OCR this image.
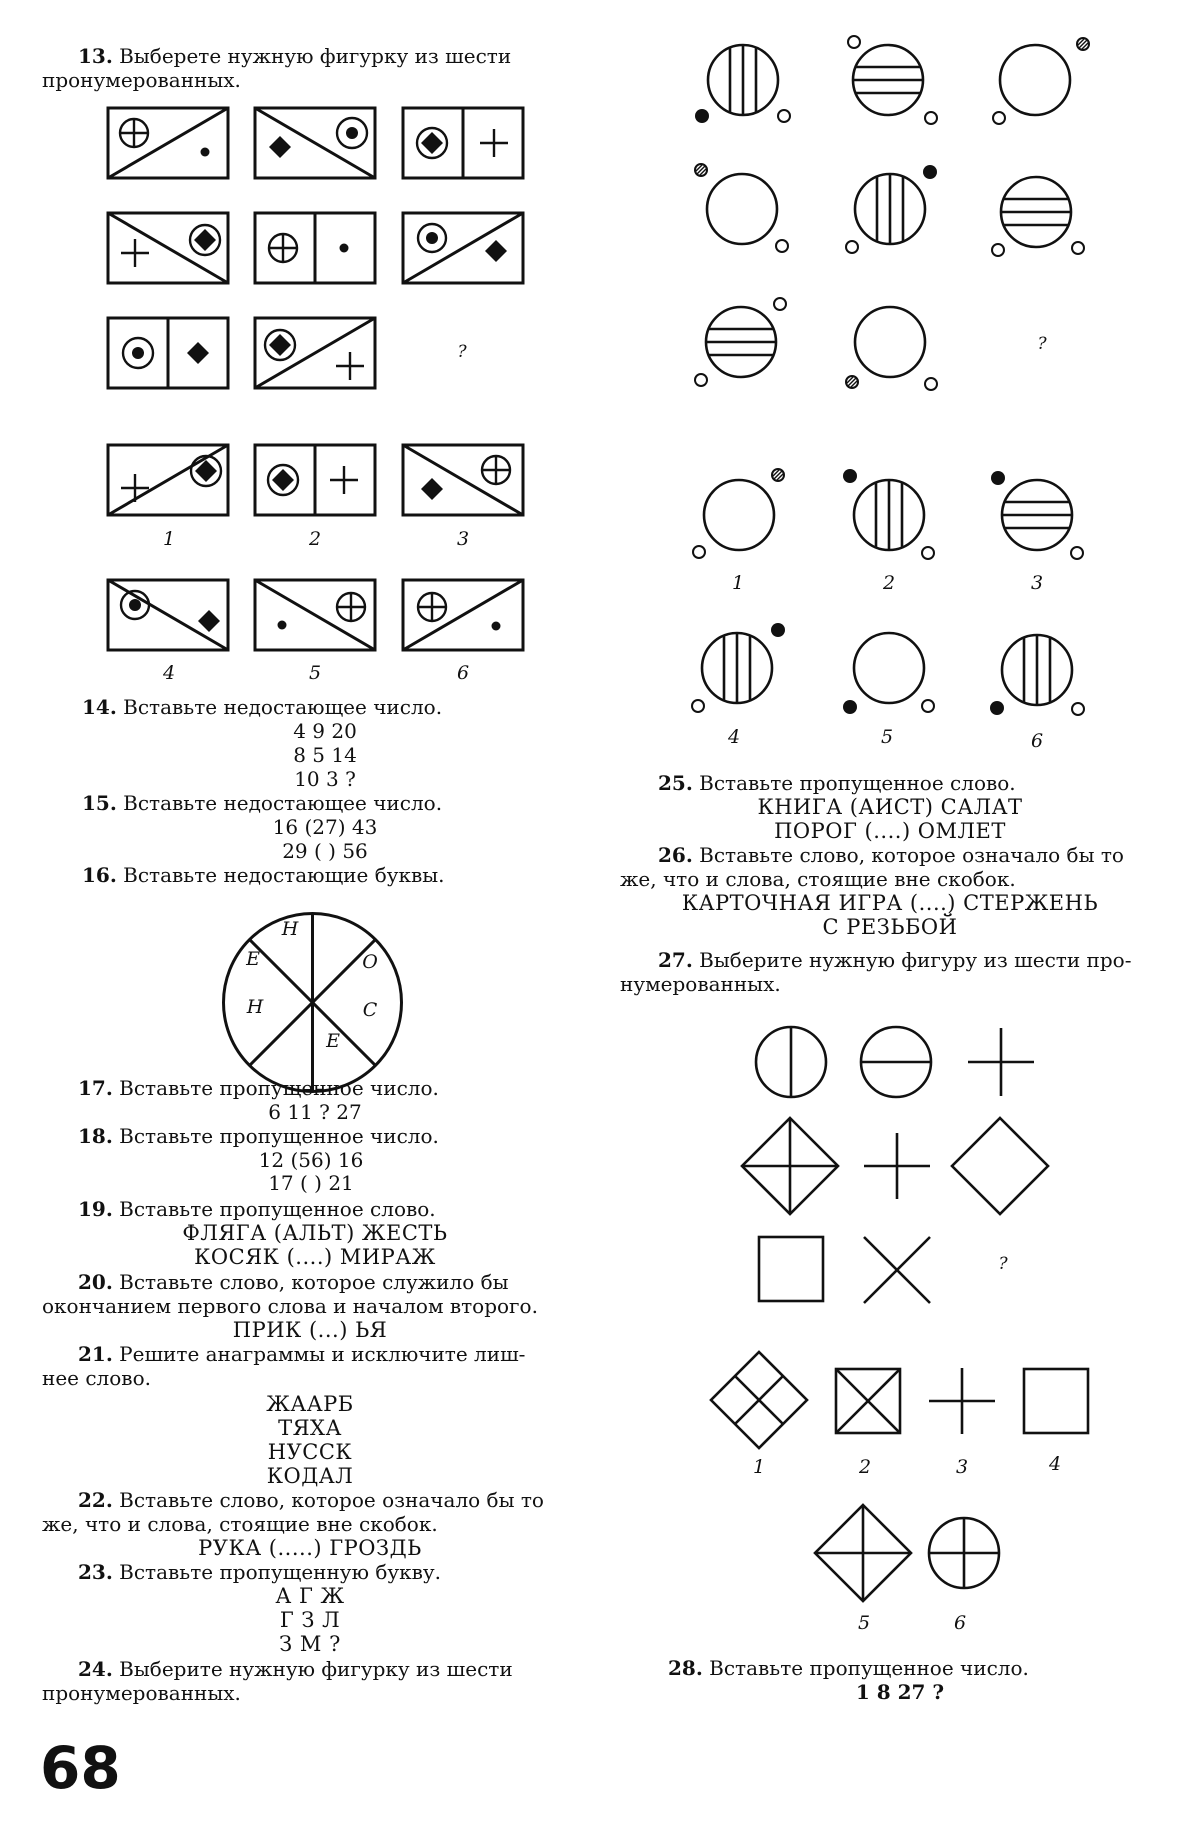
13. Выберете нужную фигурку из шести
пронумерованных.
?
1	2	3
4	5	6
14. Вставьте недостающее число.
4 9 20
8 5 14
10 3 ?
15. Вставьте недостающее число.
16 (27) 43
29 ( ) 56
16. Вставьте недостающие буквы.
Н
О
С
Е
Н
Е
17. Вставьте пропущенное число.
6 11 ? 27
18. Вставьте пропущенное число.
12 (56) 16
17 ( ) 21
19. Вставьте пропущенное слово.
ФЛЯГА (АЛЬТ) ЖЕСТЬ
КОСЯК (....) МИРАЖ
20. Вставьте слово, которое служило бы
окончанием первого слова и началом второго.
ПРИК (...) ЬЯ
21. Решите анаграммы и исключите лиш-
нее слово.
ЖААРБ
ТЯХА
НУССК
КОДАЛ
22. Вставьте слово, которое означало бы то
же, что и слова, стоящие вне скобок.
РУКА (.....) ГРОЗДЬ
23. Вставьте пропущенную букву.
А Г Ж
Г З Л
З М ?
24. Выберите нужную фигурку из шести
пронумерованных.
68
?
1	2	3
4	5	6
25. Вставьте пропущенное слово.
КНИГА (АИСТ) САЛАТ
ПОРОГ (....) ОМЛЕТ
26. Вставьте слово, которое означало бы то
же, что и слова, стоящие вне скобок.
КАРТОЧНАЯ ИГРА (....) СТЕРЖЕНЬ
С РЕЗЬБОЙ
27. Выберите нужную фигуру из шести про-
нумерованных.
?
1	2	3	4
5	6
28. Вставьте пропущенное число.
1 8 27 ?
